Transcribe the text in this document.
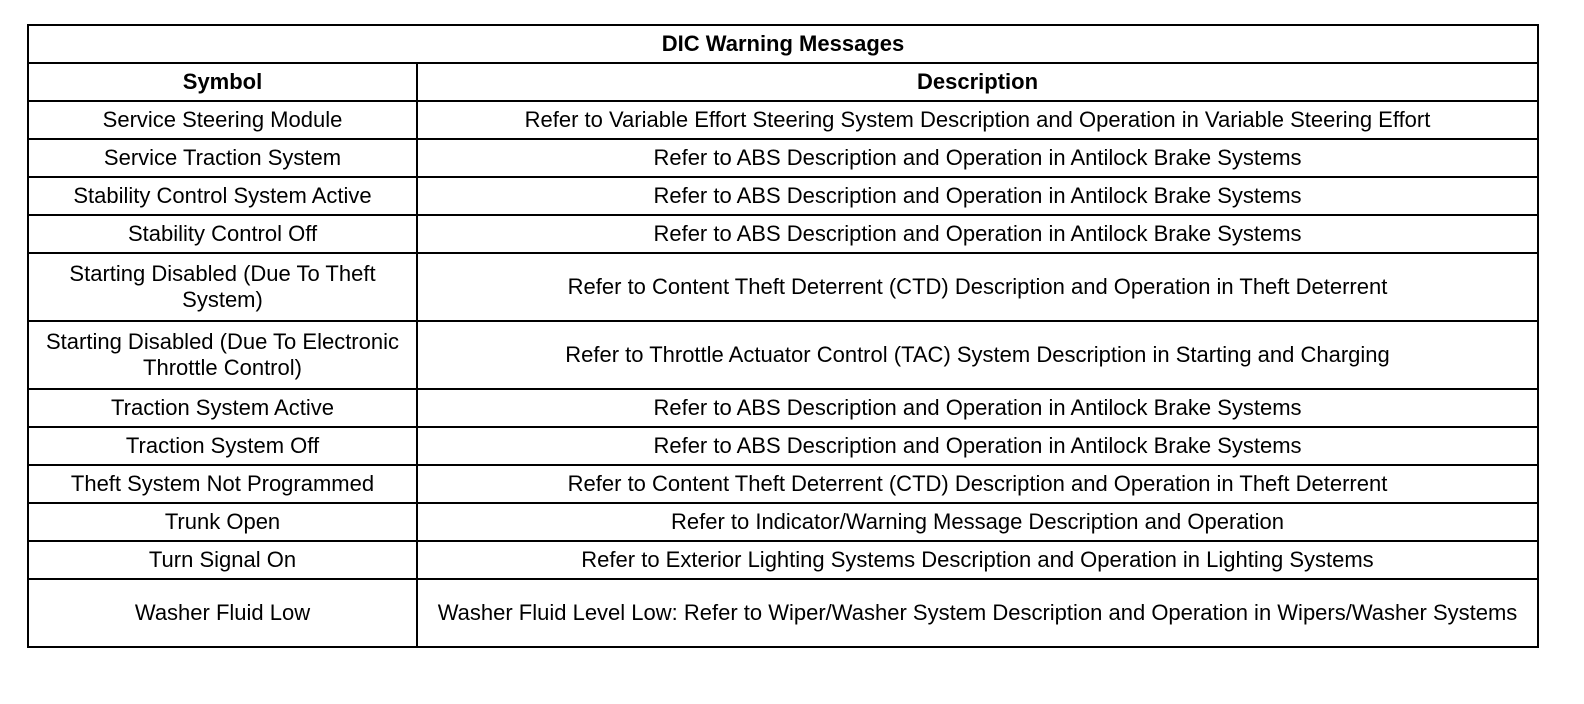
DIC Warning Messages	
Symbol	Description
Service Steering Module	Refer to Variable Effort Steering System Description and Operation in Variable Steering Effort
Service Traction System	Refer to ABS Description and Operation in Antilock Brake Systems
Stability Control System Active	Refer to ABS Description and Operation in Antilock Brake Systems
Stability Control Off	Refer to ABS Description and Operation in Antilock Brake Systems
Starting Disabled (Due To Theft System)	Refer to Content Theft Deterrent (CTD) Description and Operation in Theft Deterrent
Starting Disabled (Due To Electronic Throttle Control)	Refer to Throttle Actuator Control (TAC) System Description in Starting and Charging
Traction System Active	Refer to ABS Description and Operation in Antilock Brake Systems
Traction System Off	Refer to ABS Description and Operation in Antilock Brake Systems
Theft System Not Programmed	Refer to Content Theft Deterrent (CTD) Description and Operation in Theft Deterrent
Trunk Open	Refer to Indicator/Warning Message Description and Operation
Turn Signal On	Refer to Exterior Lighting Systems Description and Operation in Lighting Systems
Washer Fluid Low	Washer Fluid Level Low: Refer to Wiper/Washer System Description and Operation in Wipers/Washer Systems
